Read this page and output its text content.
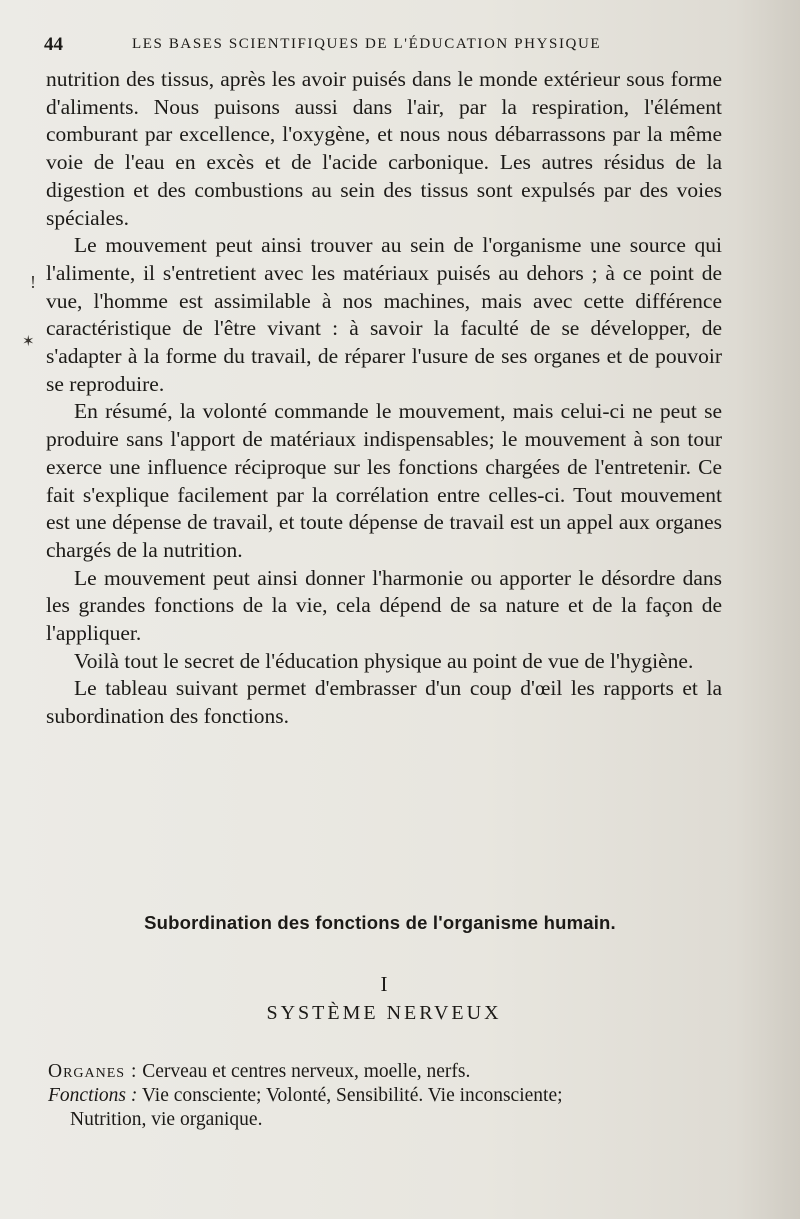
44	LES BASES SCIENTIFIQUES DE L'ÉDUCATION PHYSIQUE
ǃ
✶

nutrition des tissus, après les avoir puisés dans le monde extérieur sous forme d'aliments. Nous puisons aussi dans l'air, par la respiration, l'élément comburant par excellence, l'oxygène, et nous nous débarrassons par la même voie de l'eau en excès et de l'acide carbonique. Les autres résidus de la digestion et des combustions au sein des tissus sont expulsés par des voies spéciales.

Le mouvement peut ainsi trouver au sein de l'organisme une source qui l'alimente, il s'entretient avec les matériaux puisés au dehors ; à ce point de vue, l'homme est assimilable à nos machines, mais avec cette différence caractéristique de l'être vivant : à savoir la faculté de se développer, de s'adapter à la forme du travail, de réparer l'usure de ses organes et de pouvoir se reproduire.

En résumé, la volonté commande le mouvement, mais celui-ci ne peut se produire sans l'apport de matériaux indispensables; le mouvement à son tour exerce une influence réciproque sur les fonctions chargées de l'entretenir. Ce fait s'explique facilement par la corrélation entre celles-ci. Tout mouvement est une dépense de travail, et toute dépense de travail est un appel aux organes chargés de la nutrition.

Le mouvement peut ainsi donner l'harmonie ou apporter le désordre dans les grandes fonctions de la vie, cela dépend de sa nature et de la façon de l'appliquer.

Voilà tout le secret de l'éducation physique au point de vue de l'hygiène.

Le tableau suivant permet d'embrasser d'un coup d'œil les rapports et la subordination des fonctions.

Subordination des fonctions de l'organisme humain.
I
SYSTÈME NERVEUX
Organes : Cerveau et centres nerveux, moelle, nerfs.
Fonctions : Vie consciente; Volonté, Sensibilité. Vie inconsciente;
Nutrition, vie organique.
